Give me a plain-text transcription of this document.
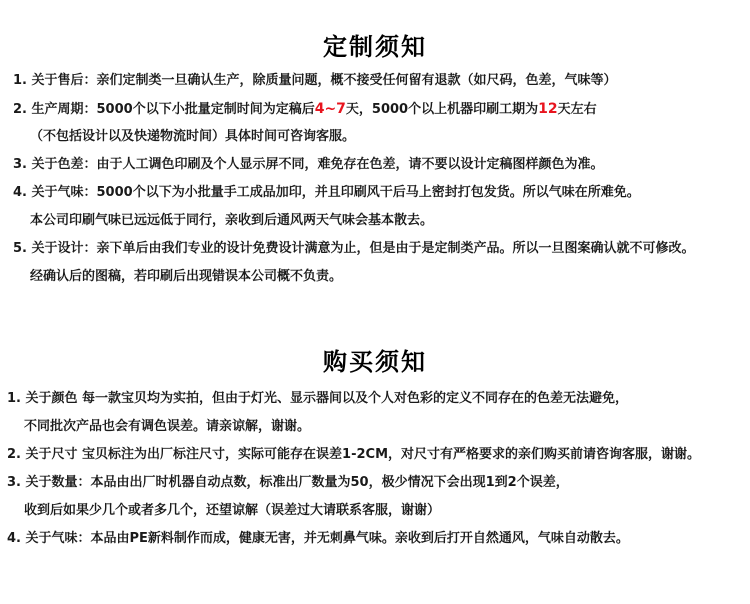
定制须知
1. 关于售后：亲们定制类一旦确认生产，除质量问题，概不接受任何留有退款（如尺码，色差，气味等）
2. 生产周期：5000个以下小批量定制时间为定稿后4~7天，5000个以上机器印刷工期为12天左右
（不包括设计以及快递物流时间）具体时间可咨询客服。
3. 关于色差：由于人工调色印刷及个人显示屏不同，难免存在色差，请不要以设计定稿图样颜色为准。
4. 关于气味：5000个以下为小批量手工成品加印，并且印刷风干后马上密封打包发货。所以气味在所难免。
本公司印刷气味已远远低于同行，亲收到后通风两天气味会基本散去。
5. 关于设计：亲下单后由我们专业的设计免费设计满意为止，但是由于是定制类产品。所以一旦图案确认就不可修改。
经确认后的图稿，若印刷后出现错误本公司概不负责。
购买须知
1. 关于颜色 每一款宝贝均为实拍，但由于灯光、显示器间以及个人对色彩的定义不同存在的色差无法避免，
不同批次产品也会有调色误差。请亲谅解，谢谢。
2. 关于尺寸 宝贝标注为出厂标注尺寸，实际可能存在误差1-2CM，对尺寸有严格要求的亲们购买前请咨询客服，谢谢。
3. 关于数量：本品由出厂时机器自动点数，标准出厂数量为50，极少情况下会出现1到2个误差，
收到后如果少几个或者多几个，还望谅解（误差过大请联系客服，谢谢）
4. 关于气味：本品由PE新料制作而成，健康无害，并无刺鼻气味。亲收到后打开自然通风，气味自动散去。
